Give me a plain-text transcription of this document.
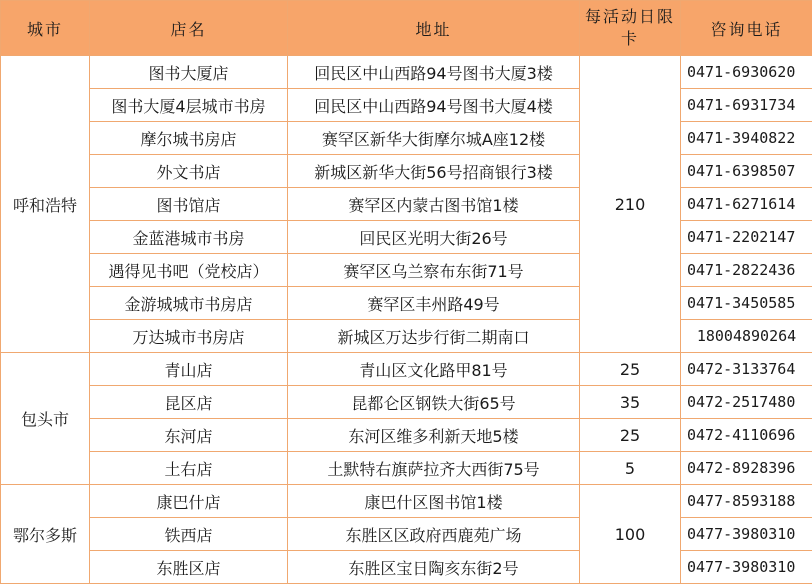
城市	店名	地址	每活动日限卡	咨询电话
呼和浩特	图书大厦店	回民区中山西路94号图书大厦3楼	210	0471-6930620
	图书大厦4层城市书房	回民区中山西路94号图书大厦4楼		0471-6931734
	摩尔城书房店	赛罕区新华大街摩尔城A座12楼		0471-3940822
	外文书店	新城区新华大街56号招商银行3楼		0471-6398507
	图书馆店	赛罕区内蒙古图书馆1楼		0471-6271614
	金蓝港城市书房	回民区光明大街26号		0471-2202147
	遇得见书吧（党校店）	赛罕区乌兰察布东街71号		0471-2822436
	金游城城市书房店	赛罕区丰州路49号		0471-3450585
	万达城市书房店	新城区万达步行街二期南口		18004890264
包头市	青山店	青山区文化路甲81号	25	0472-3133764
	昆区店	昆都仑区钢铁大街65号	35	0472-2517480
	东河店	东河区维多利新天地5楼	25	0472-4110696
	土右店	土默特右旗萨拉齐大西街75号	5	0472-8928396
鄂尔多斯	康巴什店	康巴什区图书馆1楼	100	0477-8593188
	铁西店	东胜区区政府西鹿苑广场		0477-3980310
	东胜区店	东胜区宝日陶亥东街2号		0477-3980310
